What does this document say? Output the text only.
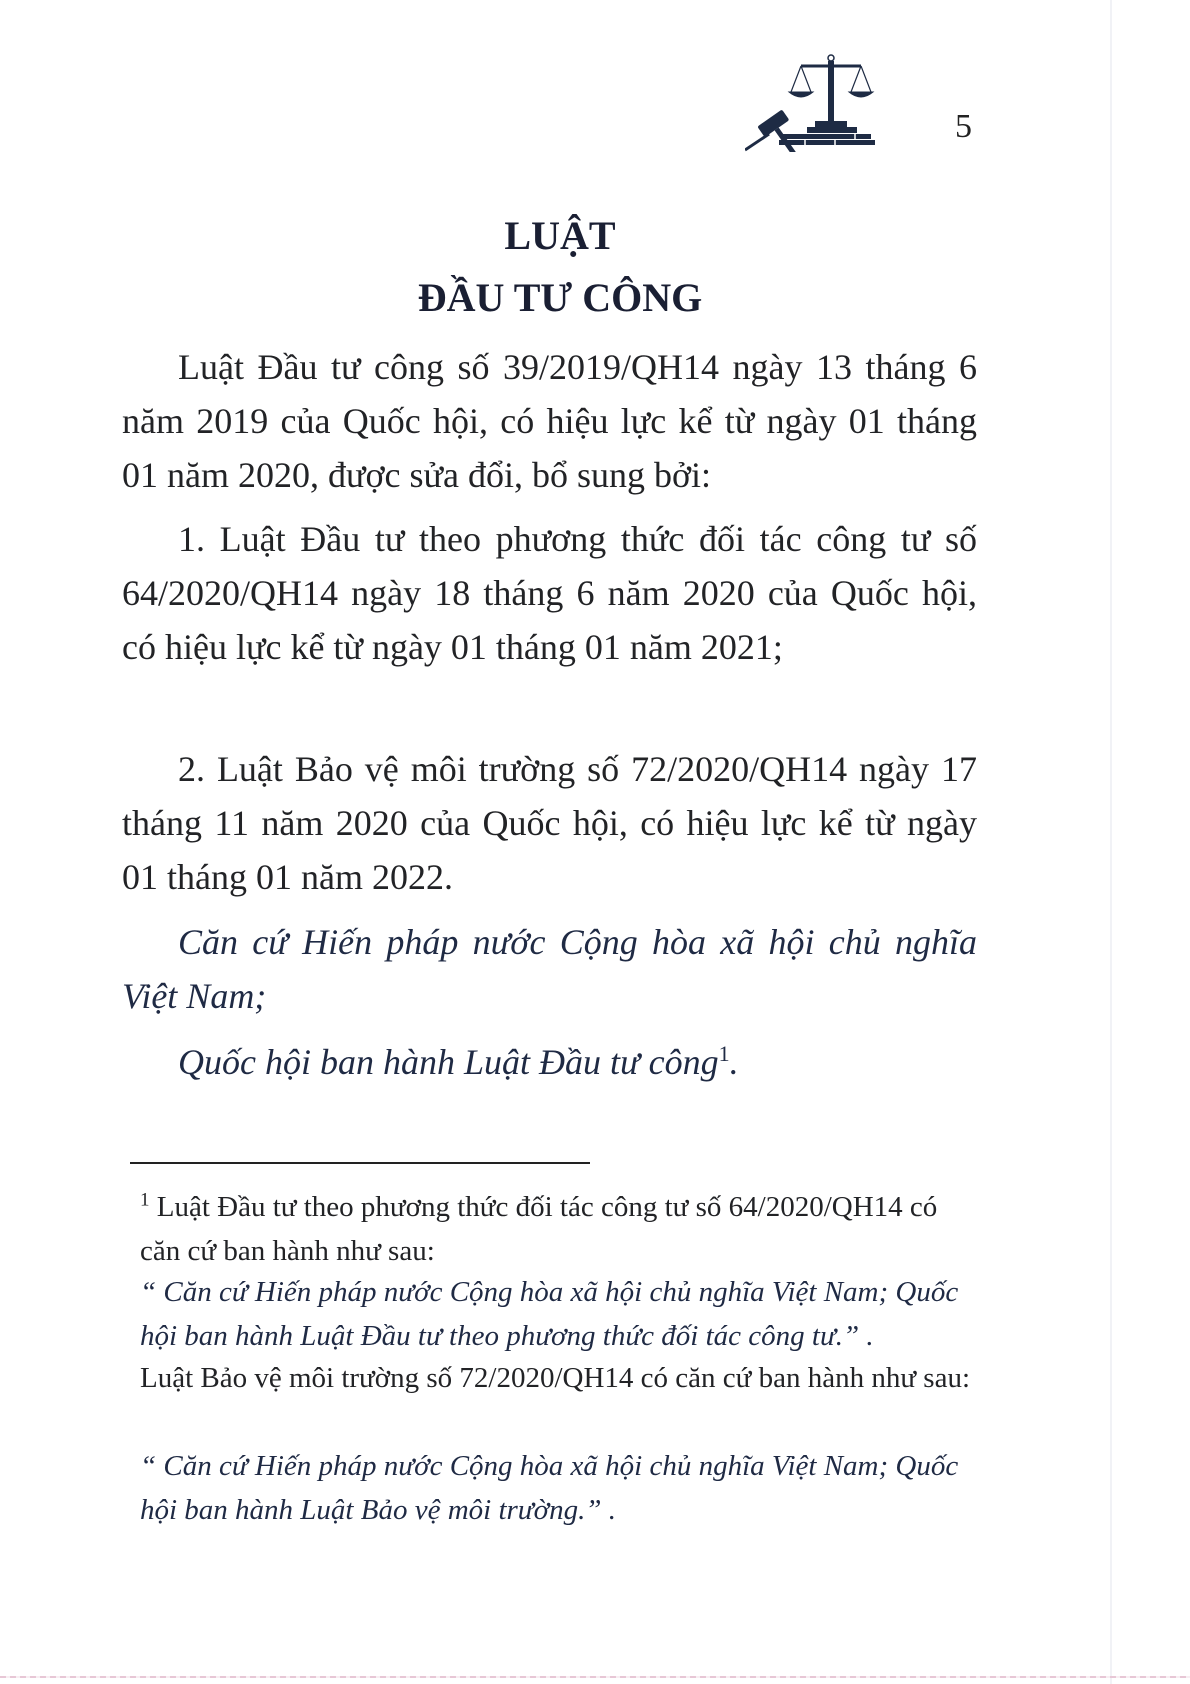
5
LUẬT
ĐẦU TƯ CÔNG
Luật Đầu tư công số 39/2019/QH14 ngày 13 tháng 6 năm 2019 của Quốc hội, có hiệu lực kể từ ngày 01 tháng 01 năm 2020, được sửa đổi, bổ sung bởi:
1. Luật Đầu tư theo phương thức đối tác công tư số 64/2020/QH14 ngày 18 tháng 6 năm 2020 của Quốc hội, có hiệu lực kể từ ngày 01 tháng 01 năm 2021;
2. Luật Bảo vệ môi trường số 72/2020/QH14 ngày 17 tháng 11 năm 2020 của Quốc hội, có hiệu lực kể từ ngày 01 tháng 01 năm 2022.
Căn cứ Hiến pháp nước Cộng hòa xã hội chủ nghĩa Việt Nam;
Quốc hội ban hành Luật Đầu tư công$^1$.
$^1$ Luật Đầu tư theo phương thức đối tác công tư số 64/2020/QH14 có căn cứ ban hành như sau:
“ Căn cứ Hiến pháp nước Cộng hòa xã hội chủ nghĩa Việt Nam; Quốc hội ban hành Luật Đầu tư theo phương thức đối tác công tư.” .
Luật Bảo vệ môi trường số 72/2020/QH14 có căn cứ ban hành như sau:
“ Căn cứ Hiến pháp nước Cộng hòa xã hội chủ nghĩa Việt Nam; Quốc hội ban hành Luật Bảo vệ môi trường.” .
